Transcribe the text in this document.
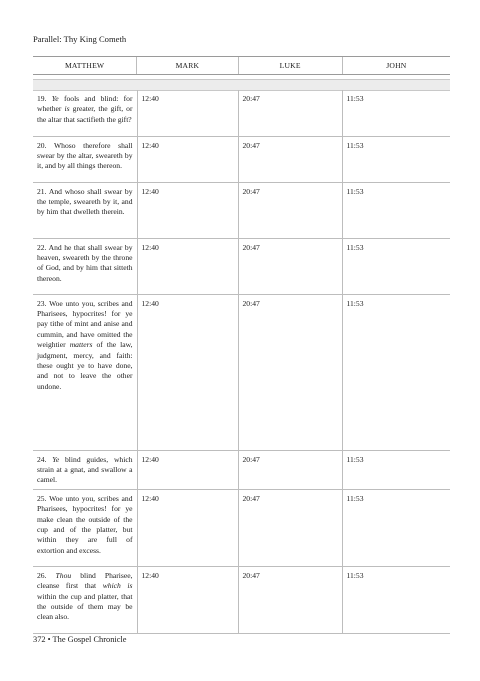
Parallel: Thy King Cometh
MATTHEW	MARK	LUKE	JOHN
19. Ye fools and blind: for whether is greater, the gift, or the altar that sactifieth the gift?	12:40	20:47	11:53
20. Whoso therefore shall swear by the altar, sweareth by it, and by all things thereon.	12:40	20:47	11:53
21. And whoso shall swear by the temple, sweareth by it, and by him that dwelleth therein.	12:40	20:47	11:53
22. And he that shall swear by heaven, sweareth by the throne of God, and by him that sitteth thereon.	12:40	20:47	11:53
23. Woe unto you, scribes and Pharisees, hypocrites! for ye pay tithe of mint and anise and cummin, and have omitted the weightier matters of the law, judgment, mercy, and faith: these ought ye to have done, and not to leave the other undone.	12:40	20:47	11:53
24. Ye blind guides, which strain at a gnat, and swallow a camel.	12:40	20:47	11:53
25. Woe unto you, scribes and Pharisees, hypocrites! for ye make clean the outside of the cup and of the platter, but within they are full of extortion and excess.	12:40	20:47	11:53
26. Thou blind Pharisee, cleanse first that which is within the cup and platter, that the outside of them may be clean also.	12:40	20:47	11:53
372 • The Gospel Chronicle
